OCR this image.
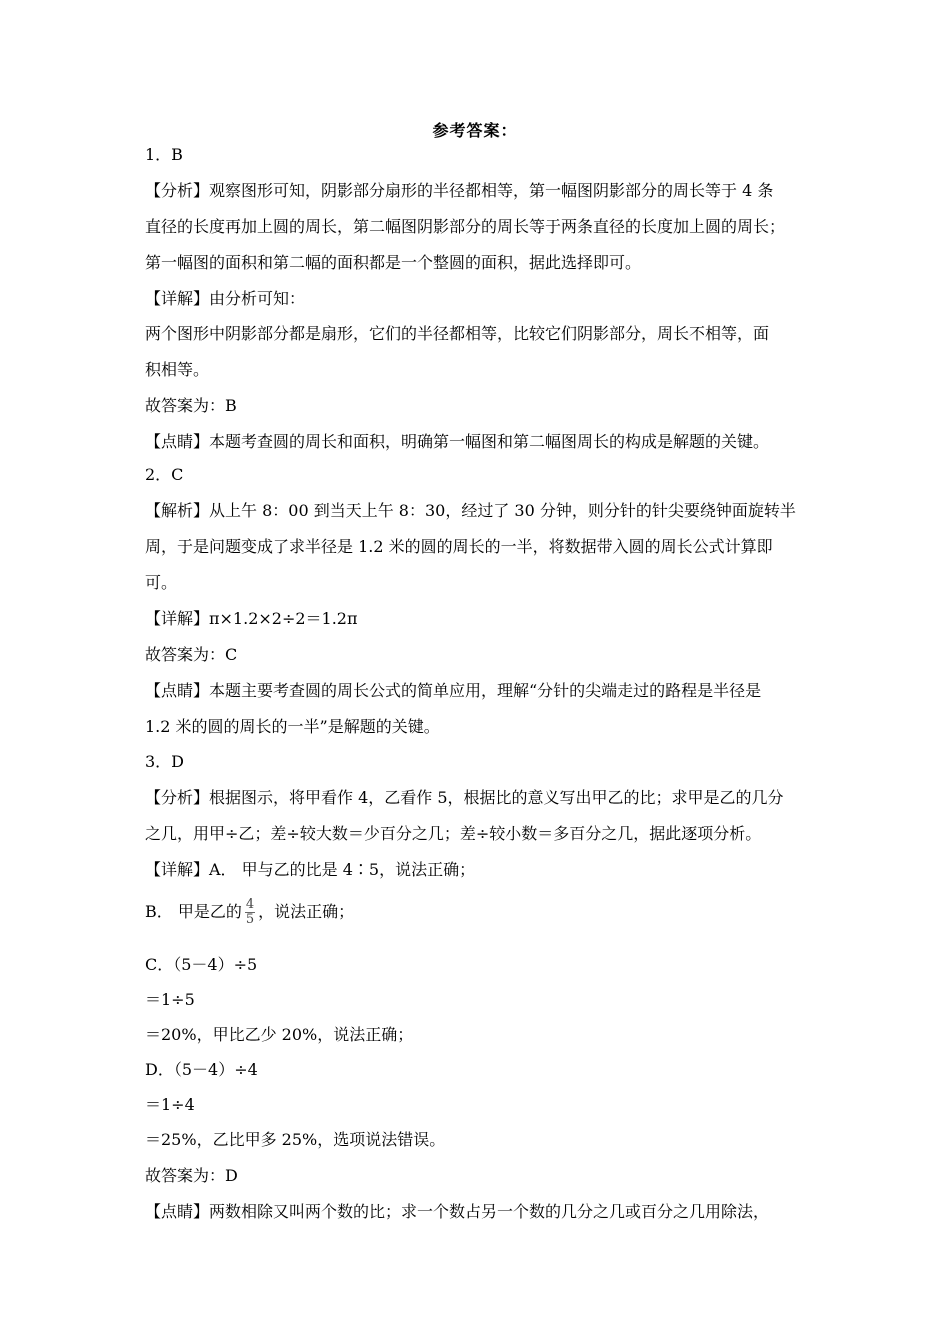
参考答案：
1．B
【分析】观察图形可知，阴影部分扇形的半径都相等，第一幅图阴影部分的周长等于 4 条
直径的长度再加上圆的周长，第二幅图阴影部分的周长等于两条直径的长度加上圆的周长；
第一幅图的面积和第二幅的面积都是一个整圆的面积，据此选择即可。
【详解】由分析可知：
两个图形中阴影部分都是扇形，它们的半径都相等，比较它们阴影部分，周长不相等，面
积相等。
故答案为：B
【点睛】本题考查圆的周长和面积，明确第一幅图和第二幅图周长的构成是解题的关键。
2．C
【解析】从上午 8：00 到当天上午 8：30，经过了 30 分钟，则分针的针尖要绕钟面旋转半
周，于是问题变成了求半径是 1.2 米的圆的周长的一半，将数据带入圆的周长公式计算即
可。
【详解】π×1.2×2÷2＝1.2π
故答案为：C
【点睛】本题主要考查圆的周长公式的简单应用，理解“分针的尖端走过的路程是半径是
1.2 米的圆的周长的一半”是解题的关键。
3．D
【分析】根据图示，将甲看作 4，乙看作 5，根据比的意义写出甲乙的比；求甲是乙的几分
之几，用甲÷乙；差÷较大数＝少百分之几；差÷较小数＝多百分之几，据此逐项分析。
【详解】A． 甲与乙的比是 4∶5，说法正确；
B． 甲是乙的 $\frac{4}{5}$ ，说法正确；
C．（5－4）÷5
＝1÷5
＝20%，甲比乙少 20%，说法正确；
D．（5－4）÷4
＝1÷4
＝25%，乙比甲多 25%，选项说法错误。
故答案为：D
【点睛】两数相除又叫两个数的比；求一个数占另一个数的几分之几或百分之几用除法，
